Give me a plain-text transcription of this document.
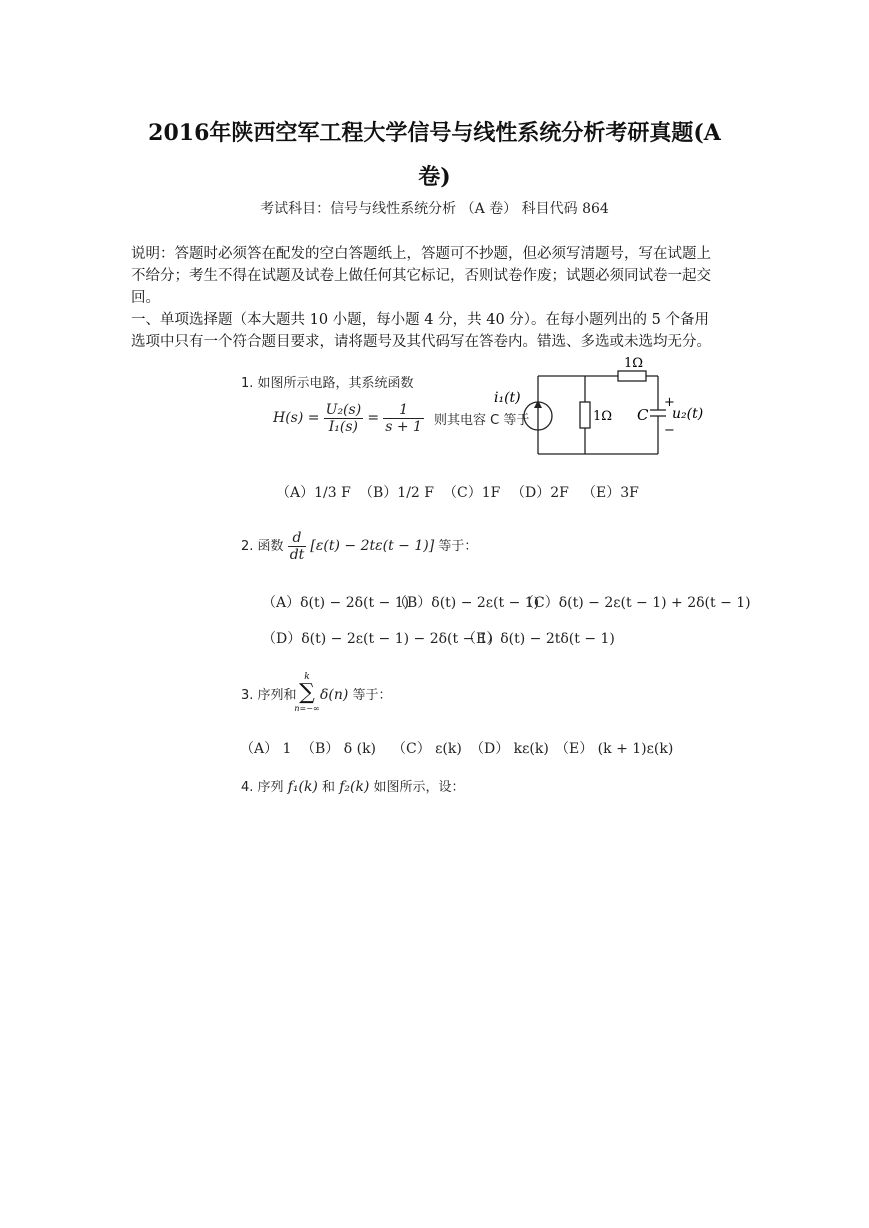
2016年陕西空军工程大学信号与线性系统分析考研真题(A
卷)
考试科目：信号与线性系统分析 （A 卷） 科目代码 864
说明：答题时必须答在配发的空白答题纸上，答题可不抄题，但必须写清题号，写在试题上
不给分；考生不得在试题及试卷上做任何其它标记，否则试卷作废；试题必须同试卷一起交
回。
一、单项选择题（本大题共 10 小题，每小题 4 分，共 40 分）。在每小题列出的 5 个备用
选项中只有一个符合题目要求，请将题号及其代码写在答卷内。错选、多选或未选均无分。
1. 如图所示电路，其系统函数
$H(s) = \frac{\text{U₂(s)}}{\text{I₁(s)}} = \frac{1}{s + 1}$ 则其电容 C 等于
i₁(t)
1Ω
1Ω C
+
−
u₂(t)
（A）1/3 F （B）1/2 F （C）1F （D）2F （E）3F
2. 函数 $\frac{d}{dt} [\varepsilon(t) - 2t\varepsilon(t - 1)]$ 等于：
（A）δ(t) − 2δ(t − 1)
（B）δ(t) − 2ε(t − 1)
（C）δ(t) − 2ε(t − 1) + 2δ(t − 1)
（D）δ(t) − 2ε(t − 1) − 2δ(t − 1)
（E）δ(t) − 2tδ(t − 1)
3. 序列和
k
∑
n=−∞
δ(n) 等于：
（A） 1 （B） δ (k) （C） ε(k) （D） kε(k) （E） (k + 1)ε(k)
4. 序列 f₁(k) 和 f₂(k) 如图所示，设：
